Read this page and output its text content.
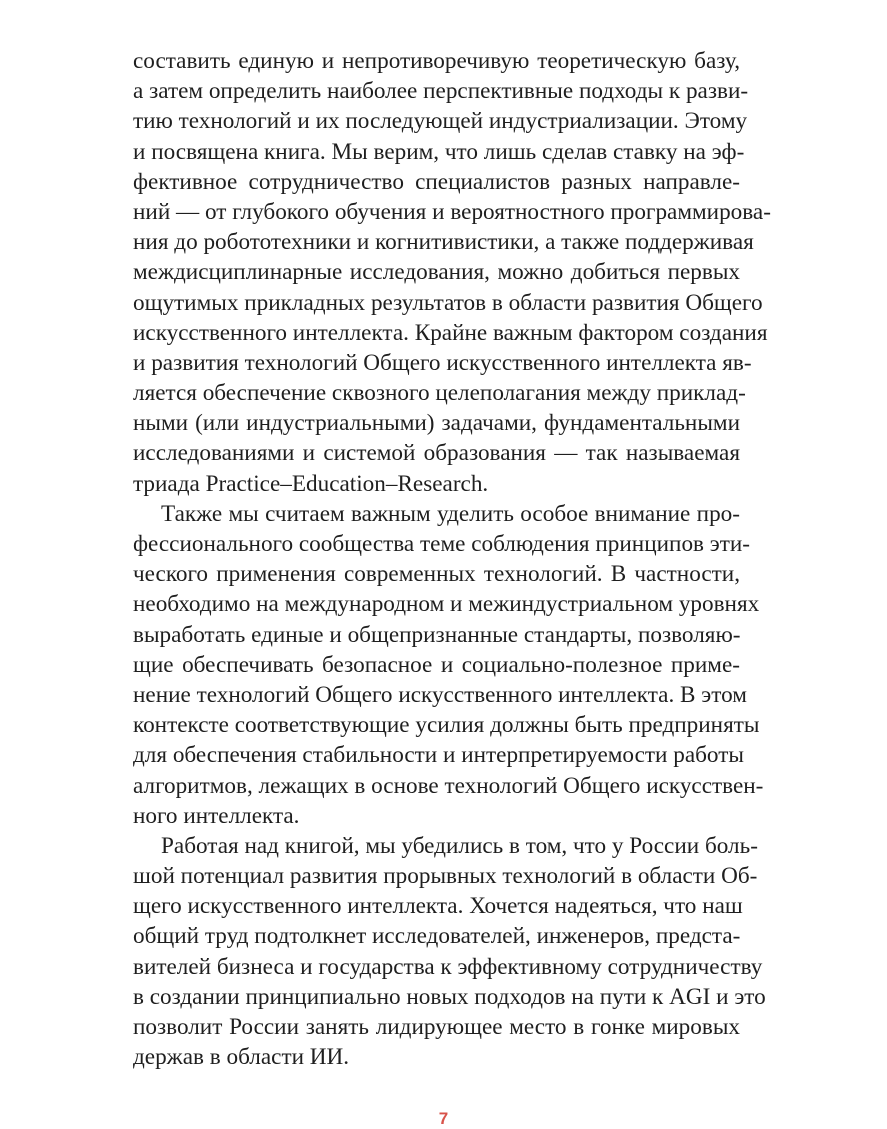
составить единую и непротиворечивую теоретическую базу,
а затем определить наиболее перспективные подходы к разви-
тию технологий и их последующей индустриализации. Этому
и посвящена книга. Мы верим, что лишь сделав ставку на эф-
фективное сотрудничество специалистов разных направле-
ний — от глубокого обучения и вероятностного программирова-
ния до робототехники и когнитивистики, а также поддерживая
междисциплинарные исследования, можно добиться первых
ощутимых прикладных результатов в области развития Общего
искусственного интеллекта. Крайне важным фактором создания
и развития технологий Общего искусственного интеллекта яв-
ляется обеспечение сквозного целеполагания между приклад-
ными (или индустриальными) задачами, фундаментальными
исследованиями и системой образования — так называемая
триада Practice–Education–Research.
Также мы считаем важным уделить особое внимание про-
фессионального сообщества теме соблюдения принципов эти-
ческого применения современных технологий. В частности,
необходимо на международном и межиндустриальном уровнях
выработать единые и общепризнанные стандарты, позволяю-
щие обеспечивать безопасное и социально-полезное приме-
нение технологий Общего искусственного интеллекта. В этом
контексте соответствующие усилия должны быть предприняты
для обеспечения стабильности и интерпретируемости работы
алгоритмов, лежащих в основе технологий Общего искусствен-
ного интеллекта.
Работая над книгой, мы убедились в том, что у России боль-
шой потенциал развития прорывных технологий в области Об-
щего искусственного интеллекта. Хочется надеяться, что наш
общий труд подтолкнет исследователей, инженеров, предста-
вителей бизнеса и государства к эффективному сотрудничеству
в создании принципиально новых подходов на пути к AGI и это
позволит России занять лидирующее место в гонке мировых
держав в области ИИ.
7
